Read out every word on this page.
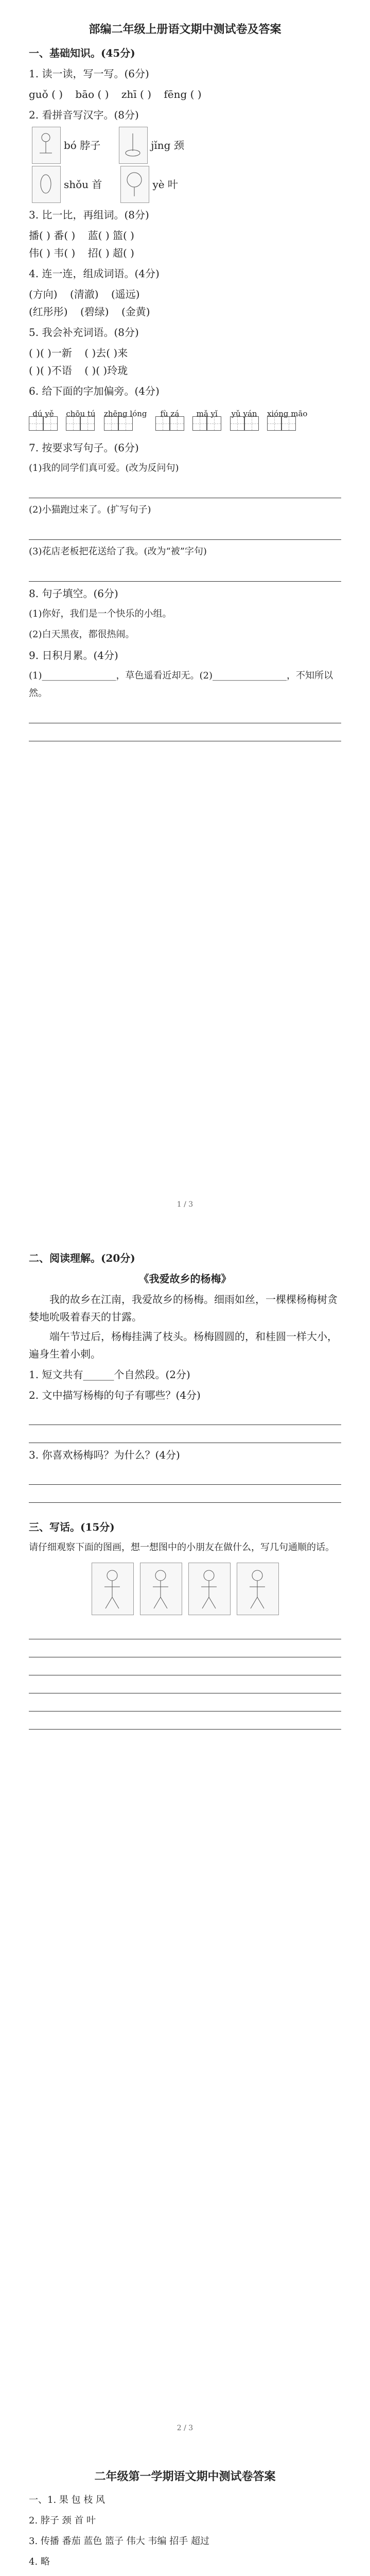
部编二年级上册语文期中测试卷及答案
一、基础知识。(45分)
1. 读一读，写一写。(6分)
guǒ ( ) bāo ( ) zhī ( ) fēng ( )
2. 看拼音写汉字。(8分)
bó 脖子	jǐng 颈
shǒu 首	yè 叶
3. 比一比，再组词。(8分)
播( ) 番( ) 蓝( ) 篮( )
伟( ) 韦( ) 招( ) 超( )
4. 连一连，组成词语。(4分)
(方向) (清澈) (遥远)
(红彤彤) (碧绿) (金黄)
5. 我会补充词语。(8分)
( )( )一新 ( )去( )来
( )( )不语 ( )( )玲珑
6. 给下面的字加偏旁。(4分)
dú yě
	chōu tú
zhēng lóng
	fù zá
	mǎ yǐ
	yǔ yán
xióng māo
7. 按要求写句子。(6分)
(1)我的同学们真可爱。(改为反问句)
(2)小猫跑过来了。(扩写句子)
(3)花店老板把花送给了我。(改为“被”字句)
8. 句子填空。(6分)
(1)你好，我们是一个快乐的小组。
(2)白天黑夜，都很热闹。
9. 日积月累。(4分)
(1)________________，草色遥看近却无。(2)________________，不知所以然。
1 / 3
二、阅读理解。(20分)
《我爱故乡的杨梅》
我的故乡在江南，我爱故乡的杨梅。细雨如丝，一棵棵杨梅树贪婪地吮吸着春天的甘露。
端午节过后，杨梅挂满了枝头。杨梅圆圆的，和桂圆一样大小，遍身生着小刺。
1. 短文共有______个自然段。(2分)
2. 文中描写杨梅的句子有哪些？(4分)
3. 你喜欢杨梅吗？为什么？(4分)
三、写话。(15分)
请仔细观察下面的图画，想一想图中的小朋友在做什么，写几句通顺的话。
2 / 3
二年级第一学期语文期中测试卷答案
一、1. 果 包 枝 风
2. 脖子 颈 首 叶
3. 传播 番茄 蓝色 篮子 伟大 韦编 招手 超过
4. 略
